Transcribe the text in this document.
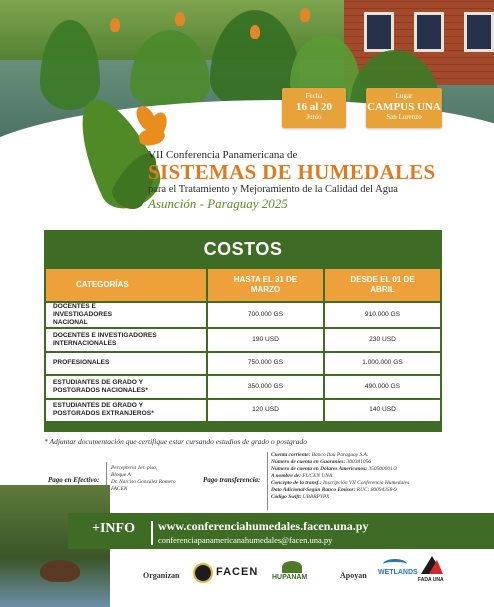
Fecha
16 al 20
Junio
Lugar
CAMPUS UNA
San Lorenzo
VII Conferencia Panamericana de
SISTEMAS DE HUMEDALES
para el Tratamiento y Mejoramiento de la Calidad del Agua
Asunción - Paraguay 2025
COSTOS
CATEGORÍAS	HASTA EL 31 DE MARZO	DESDE EL 01 DE ABRIL
DOCENTES E INVESTIGADORES NACIONAL	700.000 GS	910.000 GS
DOCENTES E INVESTIGADORES INTERNACIONALES	190 USD	230 USD
PROFESIONALES	750.000 GS	1.000.000 GS
ESTUDIANTES DE GRADO Y POSTGRADOS NACIONALES*	350.000 GS	490.000 GS
ESTUDIANTES DE GRADO Y POSTGRADOS EXTRANJEROS*	120 USD	140 USD
* Adjuntar documentación que certifique estar cursando estudios de grado o postgrado
Pago en Efectivo:
Percepteria 1er. piso,
Bloque A
Dr. Narciso González Romero
FACEN
Pago transferencia:
Cuenta corriente: Banco Itaú Paraguay S.A.
Número de cuenta en Guaraníes: 300381056
Número de cuenta en Dólares Americanos: 350500001/3
A nombre de: FUCEN UNA
Concepto de la transf.: Inscripción VII Conferencia Humedales
Dato Adicional-Según Banco Emisor: RUC: 80094358-9
Código Swift: UBBRPYPX
+INFO www.conferenciahumedales.facen.una.py
conferenciapanamericanahumedales@facen.una.py
Organizan	FACEN HUPANAM	Apoyan WETLANDS
FADA UNA
